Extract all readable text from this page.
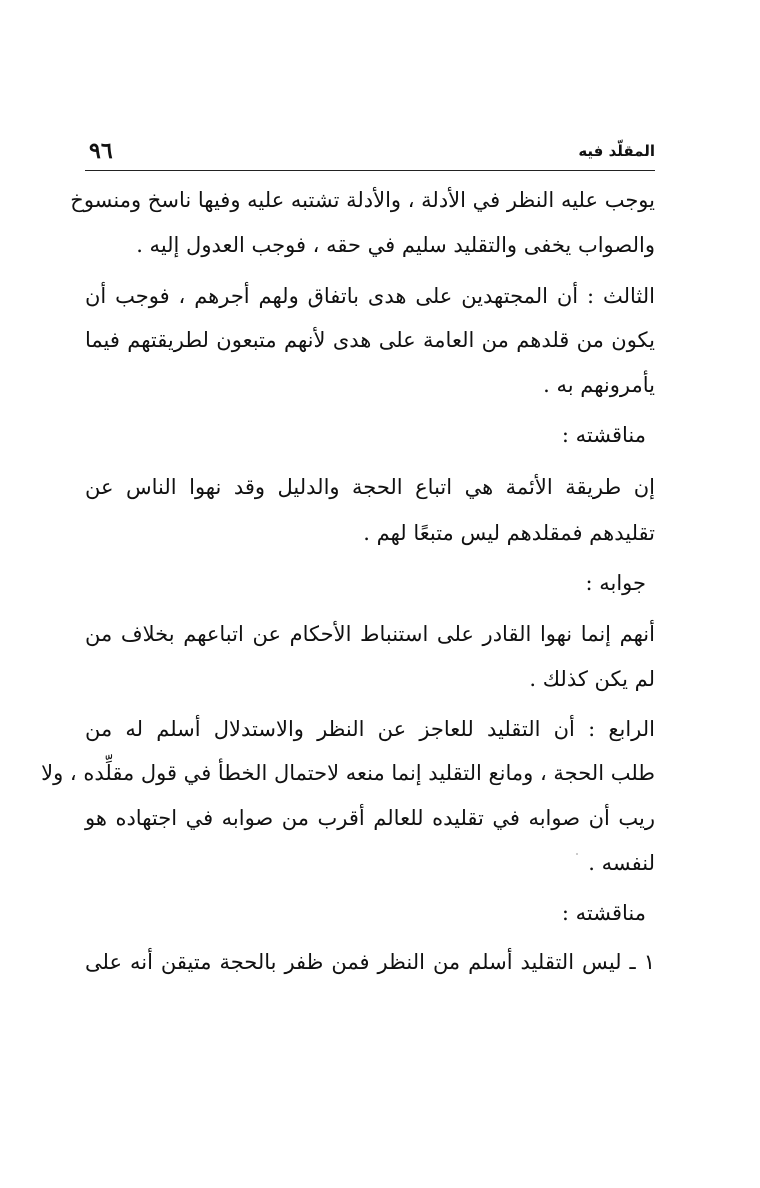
المقلّد فيه
٩٦
يوجب عليه النظر في الأدلة ، والأدلة تشتبه عليه وفيها ناسخ ومنسوخ
والصواب يخفى والتقليد سليم في حقه ، فوجب العدول إليه .
الثالث : أن المجتهدين على هدى باتفاق ولهم أجرهم ، فوجب أن
يكون من قلدهم من العامة على هدى لأنهم متبعون لطريقتهم فيما
يأمرونهم به .
مناقشته :
إن طريقة الأئمة هي اتباع الحجة والدليل وقد نهوا الناس عن
تقليدهم فمقلدهم ليس متبعًا لهم .
جوابه :
أنهم إنما نهوا القادر على استنباط الأحكام عن اتباعهم بخلاف من
لم يكن كذلك .
الرابع : أن التقليد للعاجز عن النظر والاستدلال أسلم له من
طلب الحجة ، ومانع التقليد إنما منعه لاحتمال الخطأ في قول مقلِّده ، ولا
ريب أن صوابه في تقليده للعالم أقرب من صوابه في اجتهاده هو
لنفسه .
مناقشته :
١ ـ ليس التقليد أسلم من النظر فمن ظفر بالحجة متيقن أنه على
